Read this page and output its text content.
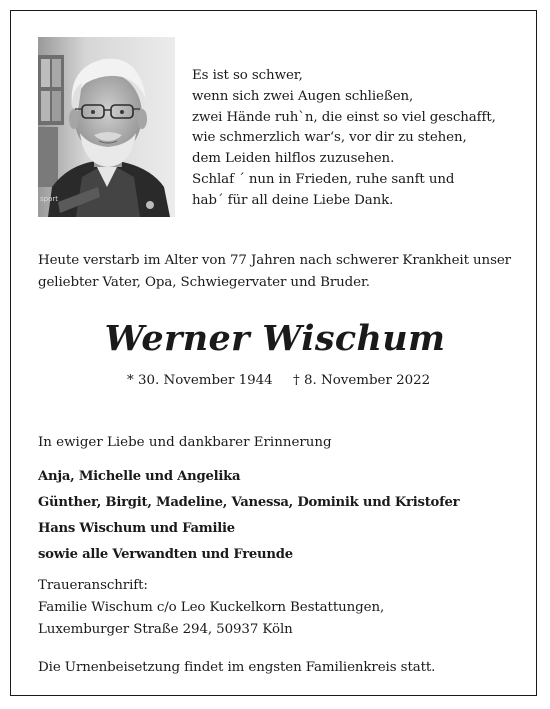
sport
Es ist so schwer,
wenn sich zwei Augen schließen,
zwei Hände ruh`n, die einst so viel geschafft,
wie schmerzlich war‘s, vor dir zu stehen,
dem Leiden hilflos zuzusehen.
Schlaf ´ nun in Frieden, ruhe sanft und
hab´ für all deine Liebe Dank.
Heute verstarb im Alter von 77 Jahren nach schwerer Krankheit unser
geliebter Vater, Opa, Schwiegervater und Bruder.
Werner Wischum
* 30. November 1944 † 8. November 2022
In ewiger Liebe und dankbarer Erinnerung
Anja, Michelle und Angelika
Günther, Birgit, Madeline, Vanessa, Dominik und Kristofer
Hans Wischum und Familie
sowie alle Verwandten und Freunde
Traueranschrift:
Familie Wischum c/o Leo Kuckelkorn Bestattungen,
Luxemburger Straße 294, 50937 Köln
Die Urnenbeisetzung findet im engsten Familienkreis statt.
